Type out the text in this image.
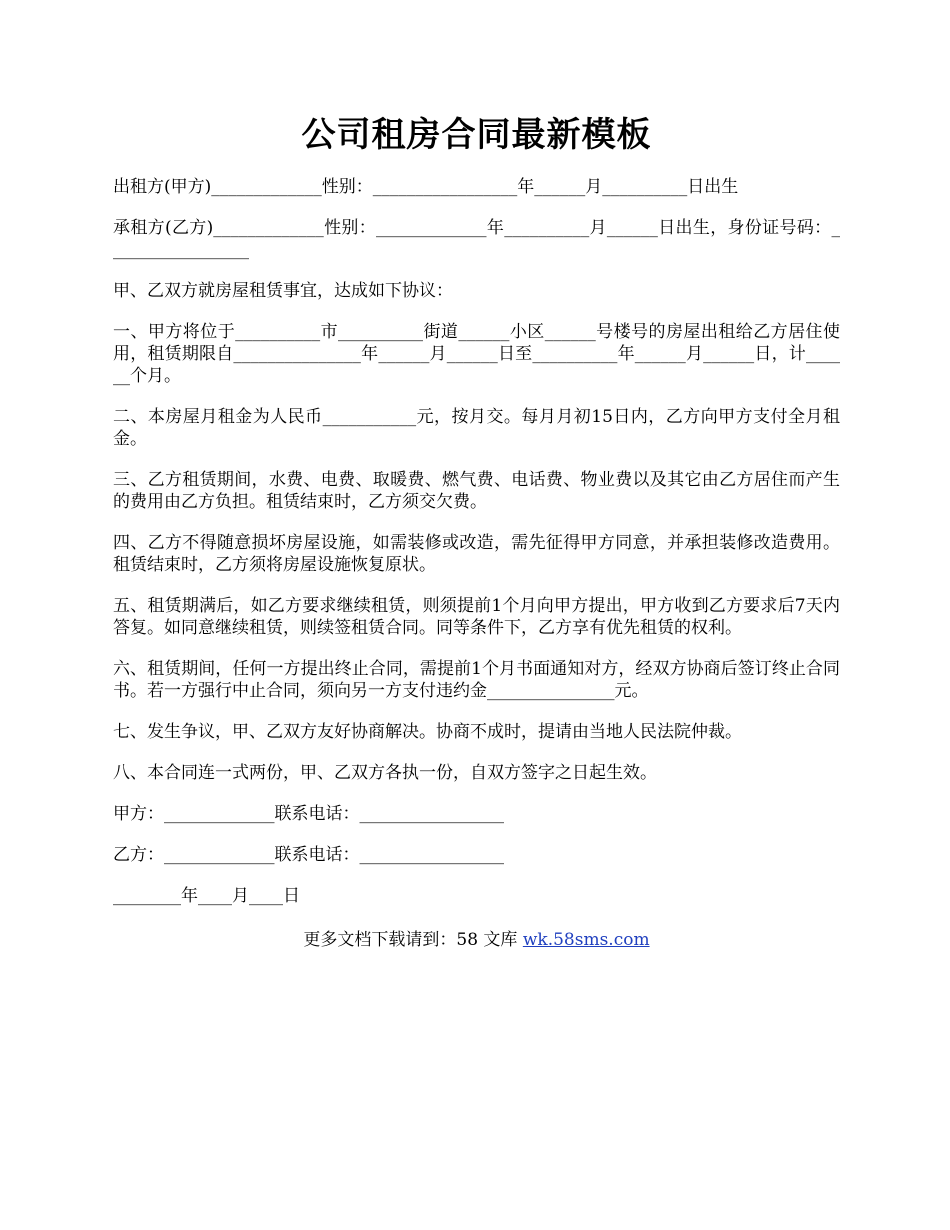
公司租房合同最新模板

出租方(甲方)_____________性别：_________________年______月__________日出生

承租方(乙方)_____________性别：_____________年__________月______日出生，身份证号码：_________________

甲、乙双方就房屋租赁事宜，达成如下协议：

一、甲方将位于__________市__________街道______小区______号楼号的房屋出租给乙方居住使用，租赁期限自_______________年______月______日至__________年______月______日，计______个月。

二、本房屋月租金为人民币___________元，按月交。每月月初15日内，乙方向甲方支付全月租金。

三、乙方租赁期间，水费、电费、取暖费、燃气费、电话费、物业费以及其它由乙方居住而产生的费用由乙方负担。租赁结束时，乙方须交欠费。

四、乙方不得随意损坏房屋设施，如需装修或改造，需先征得甲方同意，并承担装修改造费用。租赁结束时，乙方须将房屋设施恢复原状。

五、租赁期满后，如乙方要求继续租赁，则须提前1个月向甲方提出，甲方收到乙方要求后7天内答复。如同意继续租赁，则续签租赁合同。同等条件下，乙方享有优先租赁的权利。

六、租赁期间，任何一方提出终止合同，需提前1个月书面通知对方，经双方协商后签订终止合同书。若一方强行中止合同，须向另一方支付违约金_______________元。

七、发生争议，甲、乙双方友好协商解决。协商不成时，提请由当地人民法院仲裁。

八、本合同连一式两份，甲、乙双方各执一份，自双方签字之日起生效。

甲方：_____________联系电话：_________________

乙方：_____________联系电话：_________________

________年____月____日

更多文档下载请到：58 文库 wk.58sms.com
